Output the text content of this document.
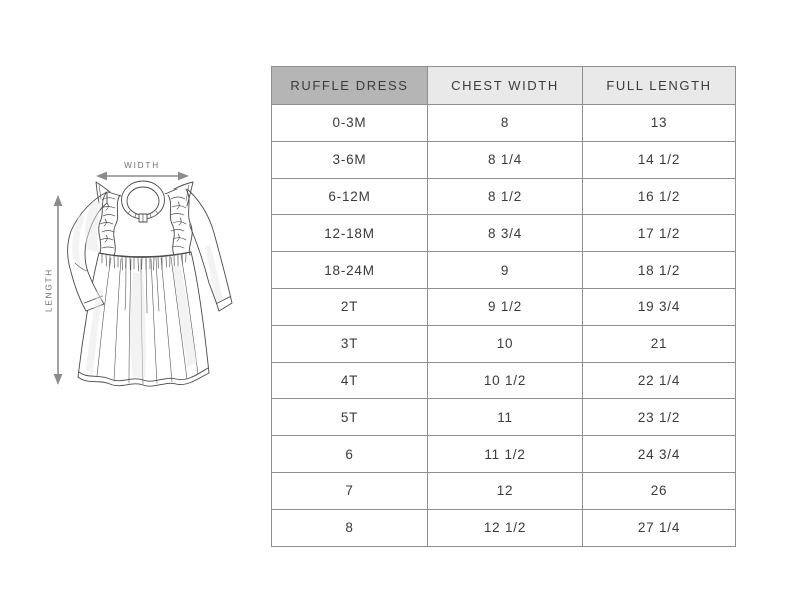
WIDTH
LENGTH
RUFFLE DRESS	CHEST WIDTH	FULL LENGTH
0-3M	8	13
3-6M	8 1/4	14 1/2
6-12M	8 1/2	16 1/2
12-18M	8 3/4	17 1/2
18-24M	9	18 1/2
2T	9 1/2	19 3/4
3T	10	21
4T	10 1/2	22 1/4
5T	11	23 1/2
6	11 1/2	24 3/4
7	12	26
8	12 1/2	27 1/4
